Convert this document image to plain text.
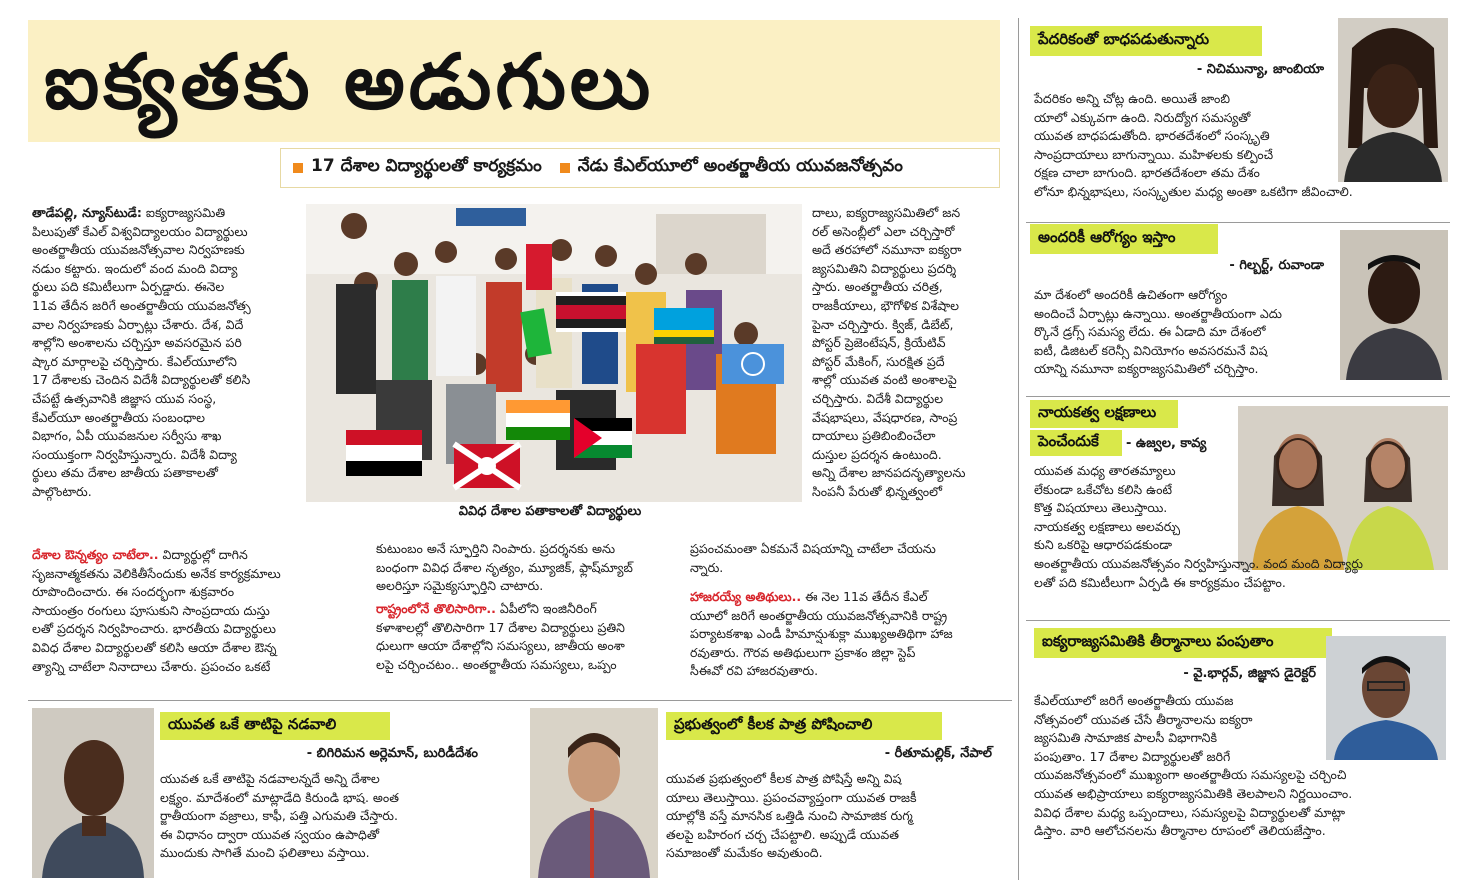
ఐక్యతకు అడుగులు
17 దేశాల విద్యార్థులతో కార్యక్రమం నేడు కేఎల్‌యూలో అంతర్జాతీయ యువజనోత్సవం
తాడేపల్లి, న్యూస్‌టుడే: ఐక్యరాజ్యసమితి
పిలుపుతో కేఎల్ విశ్వవిద్యాలయం విద్యార్థులు
అంతర్జాతీయ యువజనోత్సవాల నిర్వహణకు
నడుం కట్టారు. ఇందులో వంద మంది విద్యా
ర్థులు పది కమిటీలుగా ఏర్పడ్డారు. ఈనెల
11వ తేదీన జరిగే అంతర్జాతీయ యువజనోత్స
వాల నిర్వహణకు ఏర్పాట్లు చేశారు. దేశ, విదే
శాల్లోని అంశాలను చర్చిస్తూ అవసరమైన పరి
ష్కార మార్గాలపై చర్చిస్తారు. కేఎల్‌యూలోని
17 దేశాలకు చెందిన విదేశీ విద్యార్థులతో కలిసి
చేపట్టే ఉత్సవానికి జిజ్ఞాస యువ సంస్థ,
కేఎల్‌యూ అంతర్జాతీయ సంబంధాల
విభాగం, ఏపీ యువజనుల సర్వీసు శాఖ
సంయుక్తంగా నిర్వహిస్తున్నారు. విదేశీ విద్యా
ర్థులు తమ దేశాల జాతీయ పతాకాలతో
పాల్గొంటారు.
వివిధ దేశాల పతాకాలతో విద్యార్థులు
దాలు, ఐక్యరాజ్యసమితిలో జన
రల్ అసెంబ్లీలో ఎలా చర్చిస్తారో
అదే తరహాలో నమూనా ఐక్యరా
జ్యసమితిని విద్యార్థులు ప్రదర్శి
స్తారు. అంతర్జాతీయ చరిత్ర,
రాజకీయాలు, భౌగోళిక విశేషాల
పైనా చర్చిస్తారు. క్విజ్, డిబేట్,
పోస్టర్ ప్రెజెంటేషన్, క్రియేటివ్
పోస్టర్ మేకింగ్, సుర‌క్షిత ప్రదే
శాల్లో యువత వంటి అంశాలపై
చర్చిస్తారు. విదేశీ విద్యార్థుల
వేషభాషలు, వేషధారణ, సాంప్ర
దాయాలు ప్రతిబింబించేలా
దుస్తుల ప్రదర్శన ఉంటుంది.
అన్ని దేశాల జానపదనృత్యాలను
సింపనీ పేరుతో భిన్నత్వంలో
దేశాల ఔన్నత్యం చాటేలా.. విద్యార్థుల్లో దాగిన
సృజనాత్మకతను వెలికితీసేందుకు అనేక కార్యక్రమాలు
రూపొందించారు. ఈ సందర్భంగా శుక్రవారం
సాయంత్రం రంగులు పూసుకుని సాంప్రదాయ దుస్తు
లతో ప్రదర్శన నిర్వహించారు. భారతీయ విద్యార్థులు
వివిధ దేశాల విద్యార్థులతో కలిసి ఆయా దేశాల ఔన్న
త్యాన్ని చాటేలా నినాదాలు చేశారు. ప్రపంచం ఒకటే
కుటుంబం అనే స్ఫూర్తిని నింపారు. ప్రదర్శనకు అను
బంధంగా వివిధ దేశాల నృత్యం, మ్యూజిక్, ఫ్లాష్‌మ్యాబ్
అలరిస్తూ సమైక్యస్ఫూర్తిని చాటారు.
రాష్ట్రంలోనే తొలిసారిగా.. ఏపీలోని ఇంజినీరింగ్
కళాశాలల్లో తొలిసారిగా 17 దేశాల విద్యార్థులు ప్రతిని
ధులుగా ఆయా దేశాల్లోని సమస్యలు, జాతీయ అంశా
లపై చర్చించటం.. అంతర్జాతీయ సమస్యలు, ఒప్పం
ప్రపంచమంతా ఏకమనే విషయాన్ని చాటేలా చేయను
న్నారు.
హాజరయ్యే అతిథులు.. ఈ నెల 11వ తేదీన కేఎల్
యూలో జరిగే అంతర్జాతీయ యువజనోత్సవానికి రాష్ట్ర
పర్యాటకశాఖ ఎండీ హిమాన్షుశుక్లా ముఖ్యఅతిథిగా హాజ
రవుతారు. గౌరవ అతిథులుగా ప్రకాశం జిల్లా స్టెప్
సీఈవో రవి హాజరవుతారు.
యువత ఒకే తాటిపై నడవాలి
- బిగిరిమన అర్లెమాన్, బురిడీదేశం
యువత ఒకే తాటిపై నడవాలన్నదే అన్ని దేశాల
లక్ష్యం. మాదేశంలో మాట్లాడేది కిరుండి భాష. అంత
ర్జాతీయంగా వజ్రాలు, కాఫీ, పత్తి ఎగుమతి చేస్తారు.
ఈ విధానం ద్వారా యువత స్వయం ఉపాధితో
ముందుకు సాగితే మంచి ఫలితాలు వస్తాయి.
ప్రభుత్వంలో కీలక పాత్ర పోషించాలి
- రీతూమల్లిక్, నేపాల్
యువత ప్రభుత్వంలో కీలక పాత్ర పోషిస్తే అన్ని విష
యాలు తెలుస్తాయి. ప్రపంచవ్యాప్తంగా యువత రాజకీ
యాల్లోకి వస్తే మానసిక ఒత్తిడి నుంచి సామాజిక రుగ్మ
తలపై బహిరంగ చర్చ చేపట్టాలి. అప్పుడే యువత
సమాజంతో మమేకం అవుతుంది.
పేదరికంతో బాధపడుతున్నారు
- నిచిమున్యా, జాంబియా
పేదరికం అన్ని చోట్ల ఉంది. అయితే జాంబి
యాలో ఎక్కువగా ఉంది. నిరుద్యోగ సమస్యతో
యువత బాధపడుతోంది. భారతదేశంలో సంస్కృతి
సాంప్రదాయాలు బాగున్నాయి. మహిళలకు కల్పించే
రక్షణ చాలా బాగుంది. భారతదేశంలా తమ దేశం
లోనూ భిన్నభాషలు, సంస్కృతుల మధ్య అంతా ఒకటిగా జీవించాలి.
అందరికీ ఆరోగ్యం ఇస్తాం
- గిల్బర్ట్, రువాండా
మా దేశంలో అందరికీ ఉచితంగా ఆరోగ్యం
అందించే ఏర్పాట్లు ఉన్నాయి. అంతర్జాతీయంగా ఎదు
ర్కొనే డ్రగ్స్ సమస్య లేదు. ఈ ఏడాది మా దేశంలో
ఐటీ, డిజిటల్ కరెన్సీ వినియోగం అవసరమనే విష
యాన్ని నమూనా ఐక్యరాజ్యసమితిలో చర్చిస్తాం.
నాయకత్వ లక్షణాలు
పెంచేందుకే	- ఉజ్వల, కావ్య
యువత మధ్య తారతమ్యాలు
లేకుండా ఒకేచోట కలిసి ఉంటే
కొత్త విషయాలు తెలుస్తాయి.
నాయకత్వ లక్షణాలు అలవర్చు
కుని ఒకరిపై ఆధారపడకుండా
అంతర్జాతీయ యువజనోత్సవం నిర్వహిస్తున్నాం. వంద మంది విద్యార్థు
లతో పది కమిటీలుగా ఏర్పడి ఈ కార్యక్రమం చేపట్టాం.
ఐక్యరాజ్యసమితికి తీర్మానాలు పంపుతాం
- వై.భార్గవ్, జిజ్ఞాస డైరెక్టర్
కేఎల్‌యూలో జరిగే అంతర్జాతీయ యువజ
నోత్సవంలో యువత చేసే తీర్మానాలను ఐక్యరా
జ్యసమితి సామాజిక పాలసీ విభాగానికి
పంపుతాం. 17 దేశాల విద్యార్థులతో జరిగే
యువజనోత్సవంలో ముఖ్యంగా అంతర్జాతీయ సమస్యలపై చర్చించి
యువత అభిప్రాయాలు ఐక్యరాజ్యసమితికి తెలపాలని నిర్ణయించాం.
వివిధ దేశాల మధ్య ఒప్పందాలు, సమస్యలపై విద్యార్థులతో మాట్లా
డిస్తాం. వారి ఆలోచనలను తీర్మానాల రూపంలో తెలియజేస్తాం.
